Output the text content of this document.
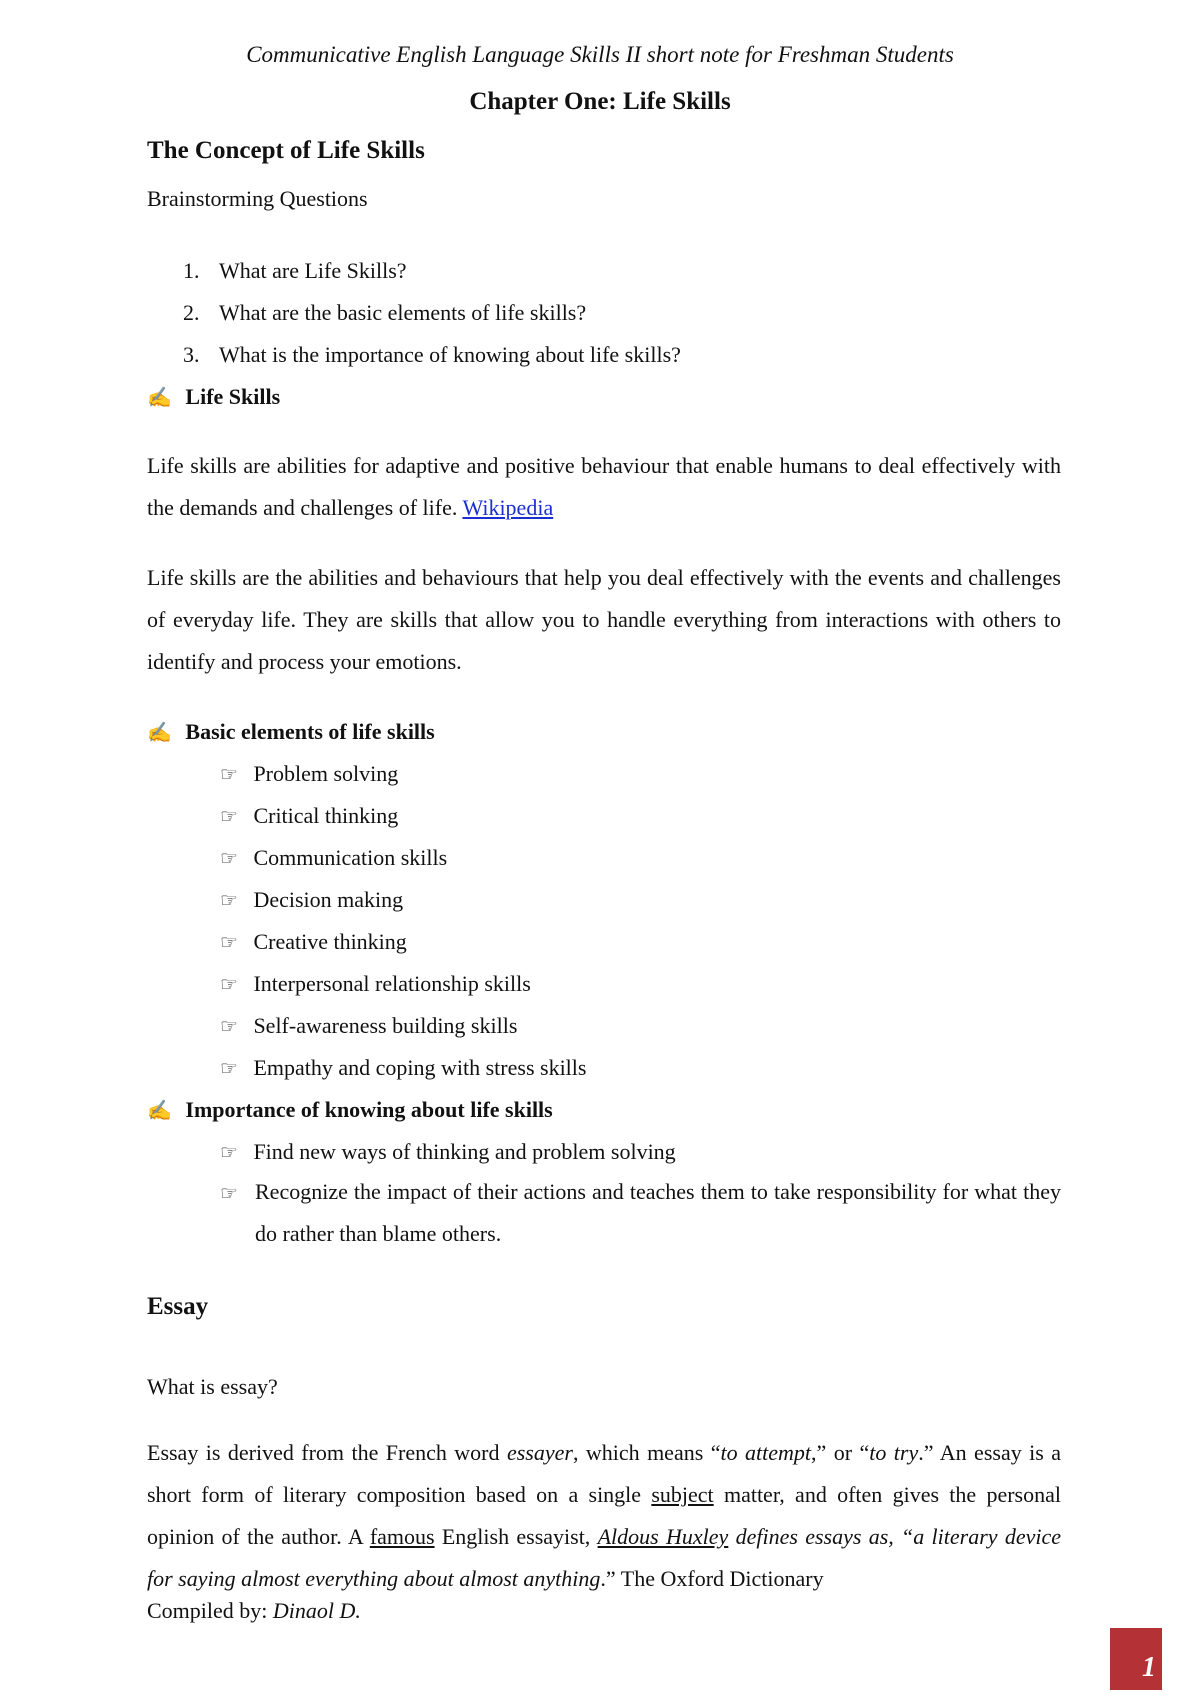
Communicative English Language Skills II short note for Freshman Students
Chapter One: Life Skills
The Concept of Life Skills
Brainstorming Questions
1. What are Life Skills?
2. What are the basic elements of life skills?
3. What is the importance of knowing about life skills?
✍ Life Skills
Life skills are abilities for adaptive and positive behaviour that enable humans to deal effectively with the demands and challenges of life. Wikipedia
Life skills are the abilities and behaviours that help you deal effectively with the events and challenges of everyday life. They are skills that allow you to handle everything from interactions with others to identify and process your emotions.
✍ Basic elements of life skills
☞ Problem solving
☞ Critical thinking
☞ Communication skills
☞ Decision making
☞ Creative thinking
☞ Interpersonal relationship skills
☞ Self-awareness building skills
☞ Empathy and coping with stress skills
✍ Importance of knowing about life skills
☞ Find new ways of thinking and problem solving
☞ Recognize the impact of their actions and teaches them to take responsibility for what they do rather than blame others.
Essay
What is essay?
Essay is derived from the French word essayer, which means “to attempt,” or “to try.” An essay is a short form of literary composition based on a single subject matter, and often gives the personal opinion of the author. A famous English essayist, Aldous Huxley defines essays as, “a literary device for saying almost everything about almost anything.” The Oxford Dictionary
Compiled by: Dinaol D.
1
